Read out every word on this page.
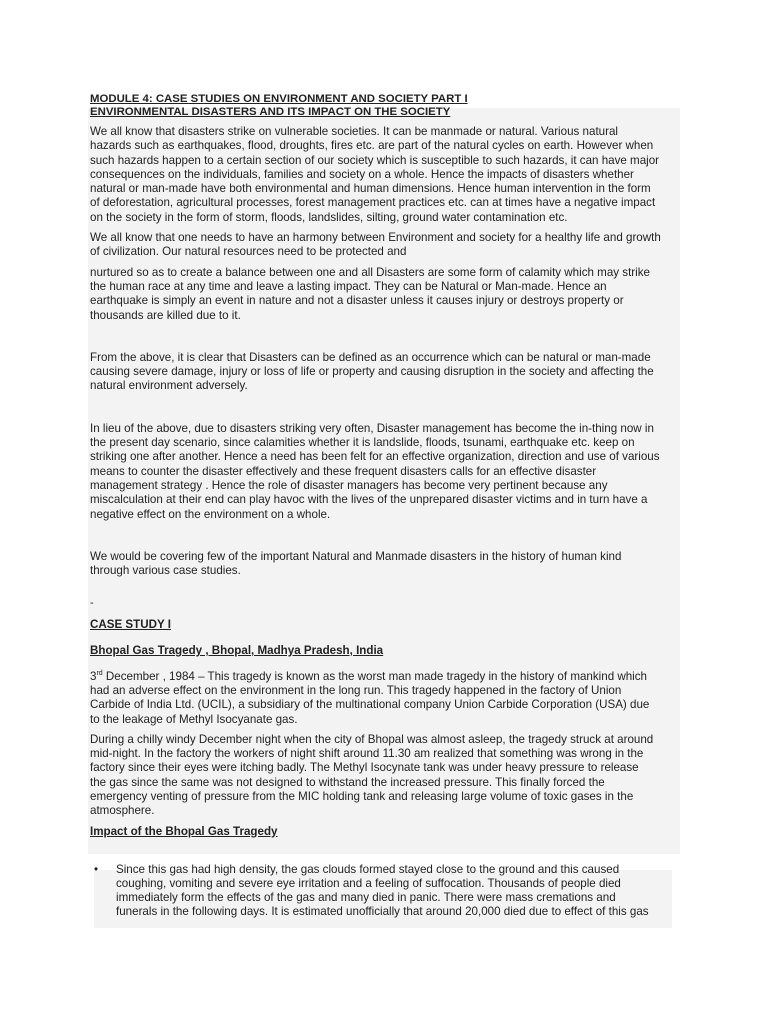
MODULE 4: CASE STUDIES ON ENVIRONMENT AND SOCIETY PART I

ENVIRONMENTAL DISASTERS AND ITS IMPACT ON THE SOCIETY

We all know that disasters strike on vulnerable societies. It can be manmade or natural. Various natural
hazards such as earthquakes, flood, droughts, fires etc. are part of the natural cycles on earth. However when
such hazards happen to a certain section of our society which is susceptible to such hazards, it can have major
consequences on the individuals, families and society on a whole. Hence the impacts of disasters whether
natural or man-made have both environmental and human dimensions. Hence human intervention in the form
of deforestation, agricultural processes, forest management practices etc. can at times have a negative impact
on the society in the form of storm, floods, landslides, silting, ground water contamination etc.

We all know that one needs to have an harmony between Environment and society for a healthy life and growth
of civilization. Our natural resources need to be protected and

nurtured so as to create a balance between one and all Disasters are some form of calamity which may strike
the human race at any time and leave a lasting impact. They can be Natural or Man-made. Hence an
earthquake is simply an event in nature and not a disaster unless it causes injury or destroys property or
thousands are killed due to it.

From the above, it is clear that Disasters can be defined as an occurrence which can be natural or man-made
causing severe damage, injury or loss of life or property and causing disruption in the society and affecting the
natural environment adversely.

In lieu of the above, due to disasters striking very often, Disaster management has become the in-thing now in
the present day scenario, since calamities whether it is landslide, floods, tsunami, earthquake etc. keep on
striking one after another. Hence a need has been felt for an effective organization, direction and use of various
means to counter the disaster effectively and these frequent disasters calls for an effective disaster
management strategy . Hence the role of disaster managers has become very pertinent because any
miscalculation at their end can play havoc with the lives of the unprepared disaster victims and in turn have a
negative effect on the environment on a whole.

We would be covering few of the important Natural and Manmade disasters in the history of human kind
through various case studies.

-

CASE STUDY I

Bhopal Gas Tragedy , Bhopal, Madhya Pradesh, India

3rd December , 1984 – This tragedy is known as the worst man made tragedy in the history of mankind which
had an adverse effect on the environment in the long run. This tragedy happened in the factory of Union
Carbide of India Ltd. (UCIL), a subsidiary of the multinational company Union Carbide Corporation (USA) due
to the leakage of Methyl Isocyanate gas.

During a chilly windy December night when the city of Bhopal was almost asleep, the tragedy struck at around
mid-night. In the factory the workers of night shift around 11.30 am realized that something was wrong in the
factory since their eyes were itching badly. The Methyl Isocynate tank was under heavy pressure to release
the gas since the same was not designed to withstand the increased pressure. This finally forced the
emergency venting of pressure from the MIC holding tank and releasing large volume of toxic gases in the
atmosphere.

Impact of the Bhopal Gas Tragedy

•	Since this gas had high density, the gas clouds formed stayed close to the ground and this caused
coughing, vomiting and severe eye irritation and a feeling of suffocation. Thousands of people died
immediately form the effects of the gas and many died in panic. There were mass cremations and
funerals in the following days. It is estimated unofficially that around 20,000 died due to effect of this gas
